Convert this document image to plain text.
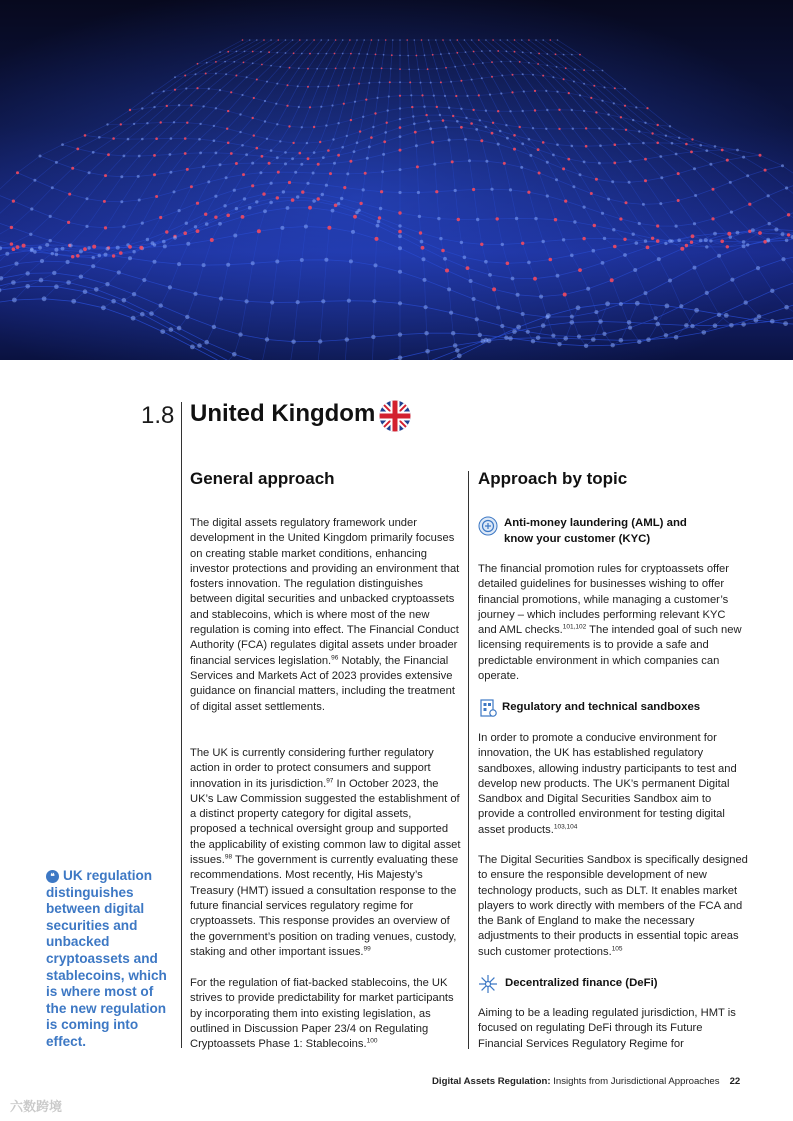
1.8 United Kingdom
General approach

The digital assets regulatory framework under development in the United Kingdom primarily focuses on creating stable market conditions, enhancing investor protections and providing an environment that fosters innovation. The regulation distinguishes between digital securities and unbacked cryptoassets and stablecoins, which is where most of the new regulation is coming into effect. The Financial Conduct Authority (FCA) regulates digital assets under broader financial services legislation.$^{96}$ Notably, the Financial Services and Markets Act of 2023 provides extensive guidance on financial matters, including the treatment of digital asset settlements.

The UK is currently considering further regulatory action in order to protect consumers and support innovation in its jurisdiction.$^{97}$ In October 2023, the UK’s Law Commission suggested the establishment of a distinct property category for digital assets, proposed a technical oversight group and supported the applicability of existing common law to digital asset issues.$^{98}$ The government is currently evaluating these recommendations. Most recently, His Majesty’s Treasury (HMT) issued a consultation response to the future financial services regulatory regime for cryptoassets. This response provides an overview of the government’s position on trading venues, custody, staking and other important issues.$^{99}$

For the regulation of fiat-backed stablecoins, the UK strives to provide predictability for market participants by incorporating them into existing legislation, as outlined in Discussion Paper 23/4 on Regulating Cryptoassets Phase 1: Stablecoins.$^{100}$

❝ UK regulation distinguishes between digital securities and unbacked cryptoassets and stablecoins, which is where most of the new regulation is coming into effect.
Approach by topic
Anti-money laundering (AML) and know your customer (KYC)

The financial promotion rules for cryptoassets offer detailed guidelines for businesses wishing to offer financial promotions, while managing a customer’s journey – which includes performing relevant KYC and AML checks.$^{101,102}$ The intended goal of such new licensing requirements is to provide a safe and predictable environment in which companies can operate.

Regulatory and technical sandboxes

In order to promote a conducive environment for innovation, the UK has established regulatory sandboxes, allowing industry participants to test and develop new products. The UK’s permanent Digital Sandbox and Digital Securities Sandbox aim to provide a controlled environment for testing digital asset products.$^{103,104}$

The Digital Securities Sandbox is specifically designed to ensure the responsible development of new technology products, such as DLT. It enables market players to work directly with members of the FCA and the Bank of England to make the necessary adjustments to their products in essential topic areas such customer protections.$^{105}$

Decentralized finance (DeFi)

Aiming to be a leading regulated jurisdiction, HMT is focused on regulating DeFi through its Future Financial Services Regulatory Regime for

Digital Assets Regulation: Insights from Jurisdictional Approaches 22
六数跨境
